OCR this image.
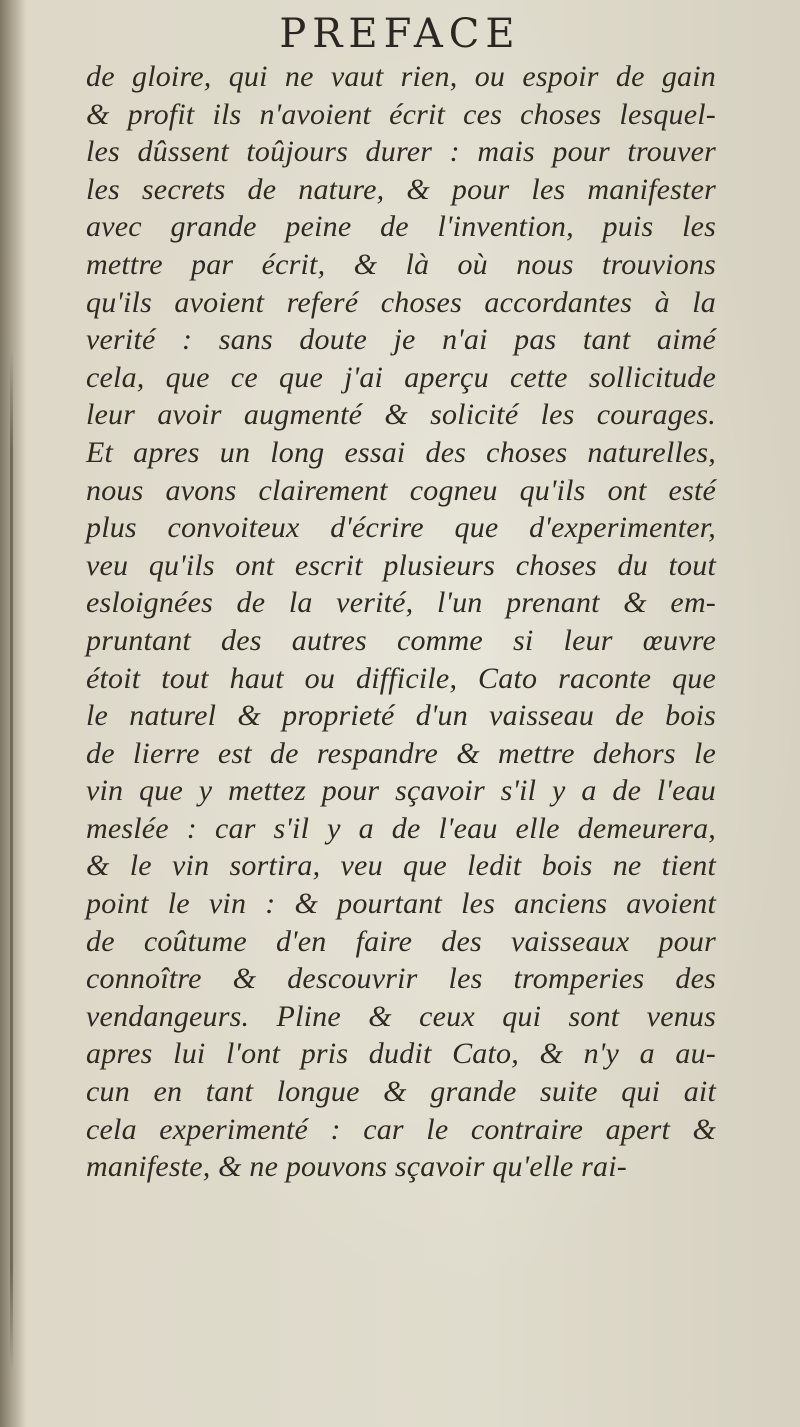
PREFACE
de gloire, qui ne vaut rien, ou espoir de gain
& profit ils n'avoient écrit ces choses lesquel-
les dûssent toûjours durer : mais pour trouver
les secrets de nature, & pour les manifester
avec grande peine de l'invention, puis les
mettre par écrit, & là où nous trouvions
qu'ils avoient referé choses accordantes à la
verité : sans doute je n'ai pas tant aimé
cela, que ce que j'ai aperçu cette sollicitude
leur avoir augmenté & solicité les courages.
Et apres un long essai des choses naturelles,
nous avons clairement cogneu qu'ils ont esté
plus convoiteux d'écrire que d'experimenter,
veu qu'ils ont escrit plusieurs choses du tout
esloignées de la verité, l'un prenant & em-
pruntant des autres comme si leur œuvre
étoit tout haut ou difficile, Cato raconte que
le naturel & proprieté d'un vaisseau de bois
de lierre est de respandre & mettre dehors le
vin que y mettez pour sçavoir s'il y a de l'eau
meslée : car s'il y a de l'eau elle demeurera,
& le vin sortira, veu que ledit bois ne tient
point le vin : & pourtant les anciens avoient
de coûtume d'en faire des vaisseaux pour
connoître & descouvrir les tromperies des
vendangeurs. Pline & ceux qui sont venus
apres lui l'ont pris dudit Cato, & n'y a au-
cun en tant longue & grande suite qui ait
cela experimenté : car le contraire apert &
manifeste, & ne pouvons sçavoir qu'elle rai-
